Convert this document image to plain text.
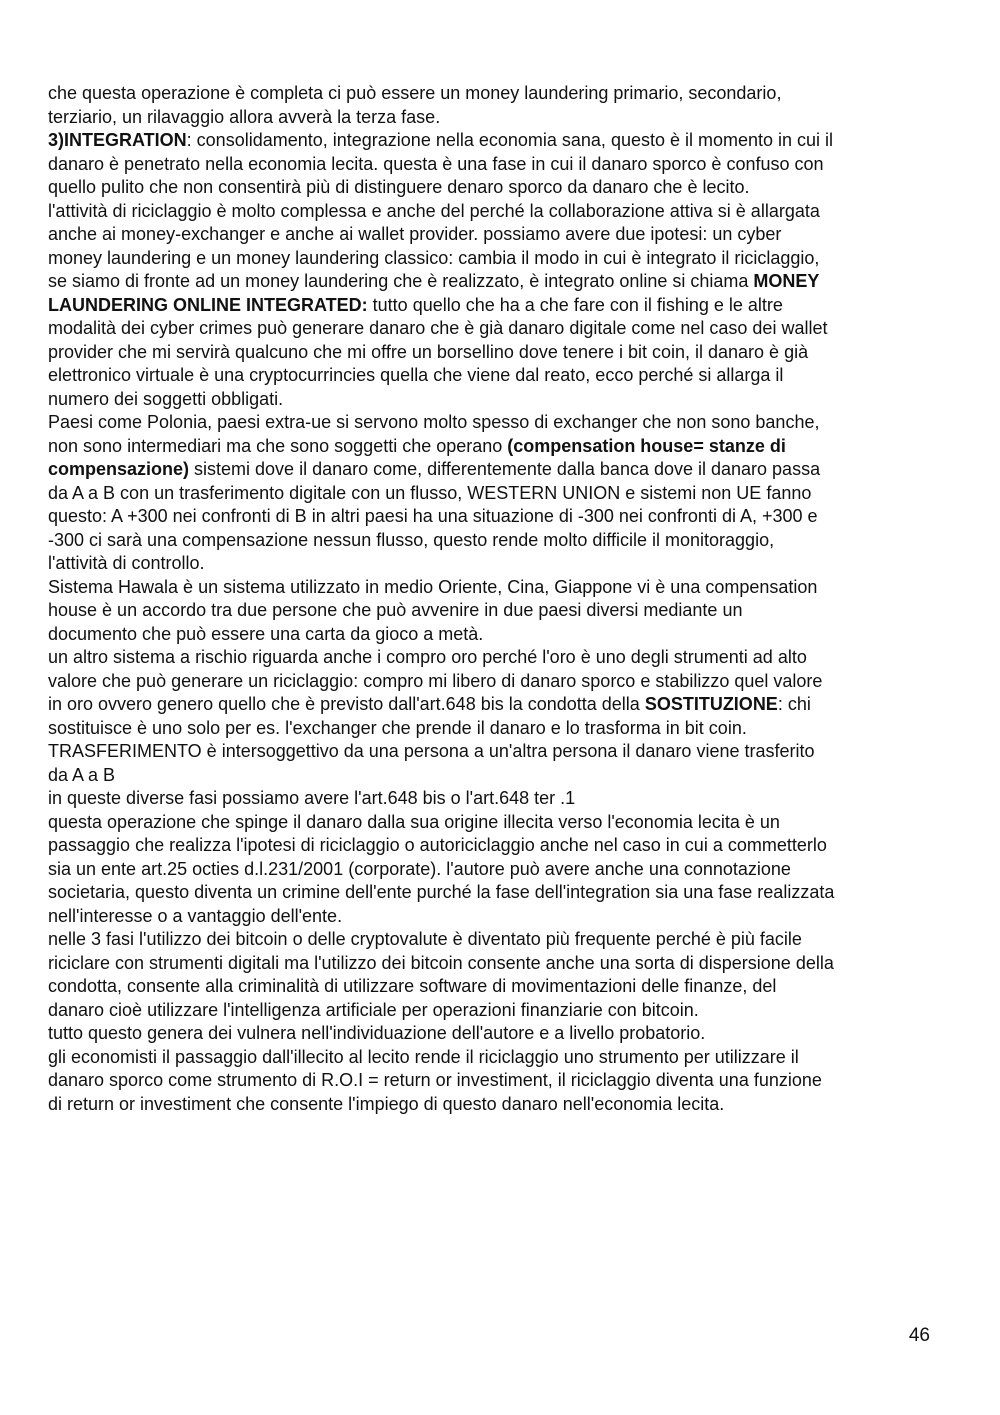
che questa operazione è completa ci può essere un money laundering primario, secondario,
terziario, un rilavaggio allora avverà la terza fase.
3)INTEGRATION: consolidamento, integrazione nella economia sana, questo è il momento in cui il
danaro è penetrato nella economia lecita. questa è una fase in cui il danaro sporco è confuso con
quello pulito che non consentirà più di distinguere denaro sporco da danaro che è lecito.
l'attività di riciclaggio è molto complessa e anche del perché la collaborazione attiva si è allargata
anche ai money-exchanger e anche ai wallet provider. possiamo avere due ipotesi: un cyber
money laundering e un money laundering classico: cambia il modo in cui è integrato il riciclaggio,
se siamo di fronte ad un money laundering che è realizzato, è integrato online si chiama MONEY
LAUNDERING ONLINE INTEGRATED: tutto quello che ha a che fare con il fishing e le altre
modalità dei cyber crimes può generare danaro che è già danaro digitale come nel caso dei wallet
provider che mi servirà qualcuno che mi offre un borsellino dove tenere i bit coin, il danaro è già
elettronico virtuale è una cryptocurrincies quella che viene dal reato, ecco perché si allarga il
numero dei soggetti obbligati.
Paesi come Polonia, paesi extra-ue si servono molto spesso di exchanger che non sono banche,
non sono intermediari ma che sono soggetti che operano (compensation house= stanze di
compensazione) sistemi dove il danaro come, differentemente dalla banca dove il danaro passa
da A a B con un trasferimento digitale con un flusso, WESTERN UNION e sistemi non UE fanno
questo: A +300 nei confronti di B in altri paesi ha una situazione di -300 nei confronti di A, +300 e
-300 ci sarà una compensazione nessun flusso, questo rende molto difficile il monitoraggio,
l'attività di controllo.
Sistema Hawala è un sistema utilizzato in medio Oriente, Cina, Giappone vi è una compensation
house è un accordo tra due persone che può avvenire in due paesi diversi mediante un
documento che può essere una carta da gioco a metà.
un altro sistema a rischio riguarda anche i compro oro perché l'oro è uno degli strumenti ad alto
valore che può generare un riciclaggio: compro mi libero di danaro sporco e stabilizzo quel valore
in oro ovvero genero quello che è previsto dall'art.648 bis la condotta della SOSTITUZIONE: chi
sostituisce è uno solo per es. l'exchanger che prende il danaro e lo trasforma in bit coin.
TRASFERIMENTO è intersoggettivo da una persona a un'altra persona il danaro viene trasferito
da A a B
in queste diverse fasi possiamo avere l'art.648 bis o l'art.648 ter .1
questa operazione che spinge il danaro dalla sua origine illecita verso l'economia lecita è un
passaggio che realizza l'ipotesi di riciclaggio o autoriciclaggio anche nel caso in cui a commetterlo
sia un ente art.25 octies d.l.231/2001 (corporate). l'autore può avere anche una connotazione
societaria, questo diventa un crimine dell'ente purché la fase dell'integration sia una fase realizzata
nell'interesse o a vantaggio dell'ente.
nelle 3 fasi l'utilizzo dei bitcoin o delle cryptovalute è diventato più frequente perché è più facile
riciclare con strumenti digitali ma l'utilizzo dei bitcoin consente anche una sorta di dispersione della
condotta, consente alla criminalità di utilizzare software di movimentazioni delle finanze, del
danaro cioè utilizzare l'intelligenza artificiale per operazioni finanziarie con bitcoin.
tutto questo genera dei vulnera nell'individuazione dell'autore e a livello probatorio.
gli economisti il passaggio dall'illecito al lecito rende il riciclaggio uno strumento per utilizzare il
danaro sporco come strumento di R.O.I = return or investiment, il riciclaggio diventa una funzione
di return or investiment che consente l'impiego di questo danaro nell'economia lecita.
46
